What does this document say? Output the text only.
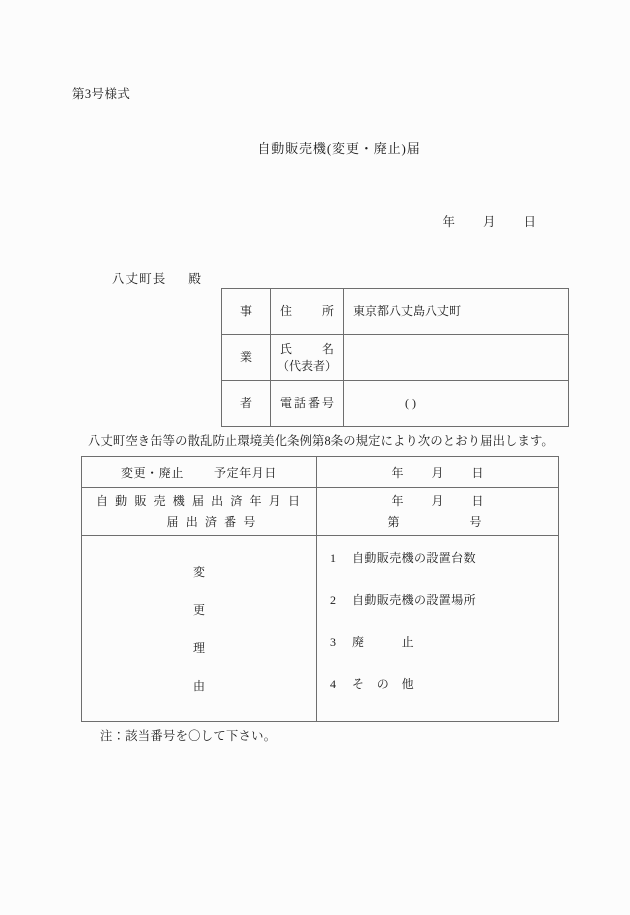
第3号様式
自動販売機(変更・廃止)届

年 月 日

八丈町長 殿

事	住所	東京都八丈島八丈町
業	氏名
（代表者）	

者	電話番号	( )
八丈町空き缶等の散乱防止環境美化条例第8条の規定により次のとおり届出します。
変更・廃止 予定年月日	年 月 日

自 動 販 売 機 届 出 済 年 月 日
届 出 済 番 号

年 月 日
第	号

変
更
理
由

1 自動販売機の設置台数
2 自動販売機の設置場所
3 廃　　　止
4 そ　の　他
注：該当番号を〇して下さい。
